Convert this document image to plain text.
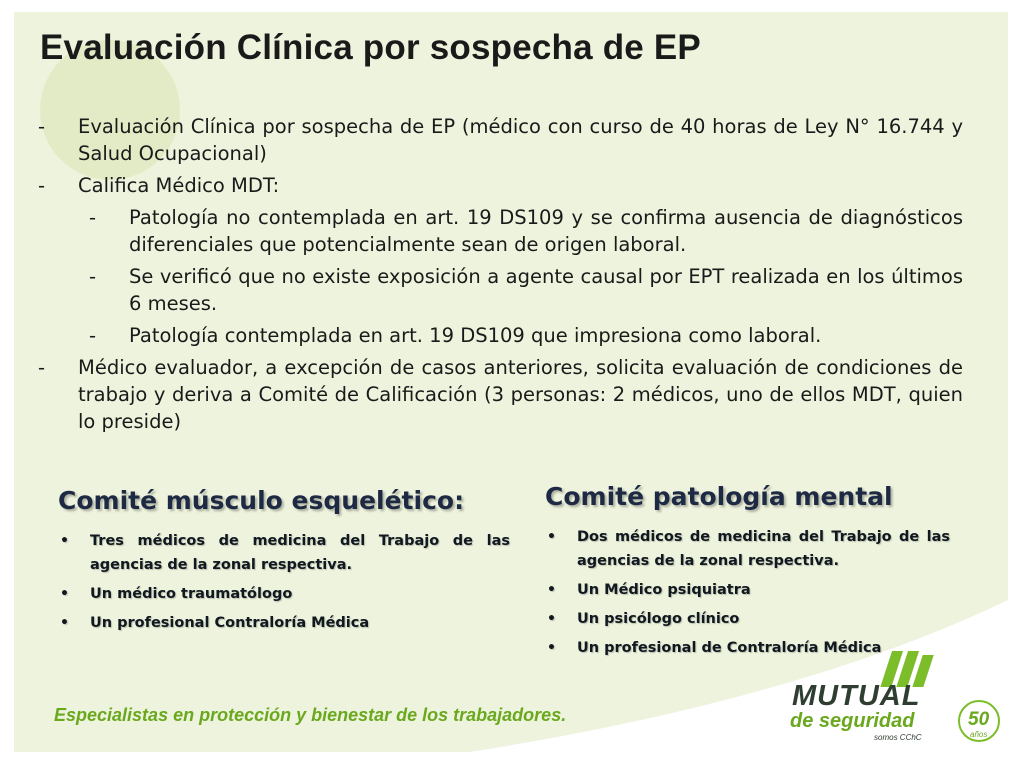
Evaluación Clínica por sospecha de EP
- Evaluación Clínica por sospecha de EP (médico con curso de 40 horas de Ley N° 16.744 y Salud Ocupacional)
- Califica Médico MDT:
- Patología no contemplada en art. 19 DS109 y se confirma ausencia de diagnósticos diferenciales que potencialmente sean de origen laboral.
- Se verificó que no existe exposición a agente causal por EPT realizada en los últimos 6 meses.
- Patología contemplada en art. 19 DS109 que impresiona como laboral.
- Médico evaluador, a excepción de casos anteriores, solicita evaluación de condiciones de trabajo y deriva a Comité de Calificación (3 personas: 2 médicos, uno de ellos MDT, quien lo preside)
Comité músculo esquelético:
• Tres médicos de medicina del Trabajo de las agencias de la zonal respectiva.
• Un médico traumatólogo
• Un profesional Contraloría Médica
Comité patología mental
• Dos médicos de medicina del Trabajo de las agencias de la zonal respectiva.
• Un Médico psiquiatra
• Un psicólogo clínico
• Un profesional de Contraloría Médica
Especialistas en protección y bienestar de los trabajadores.
MUTUAL
de seguridad
somos CChC
50
años
